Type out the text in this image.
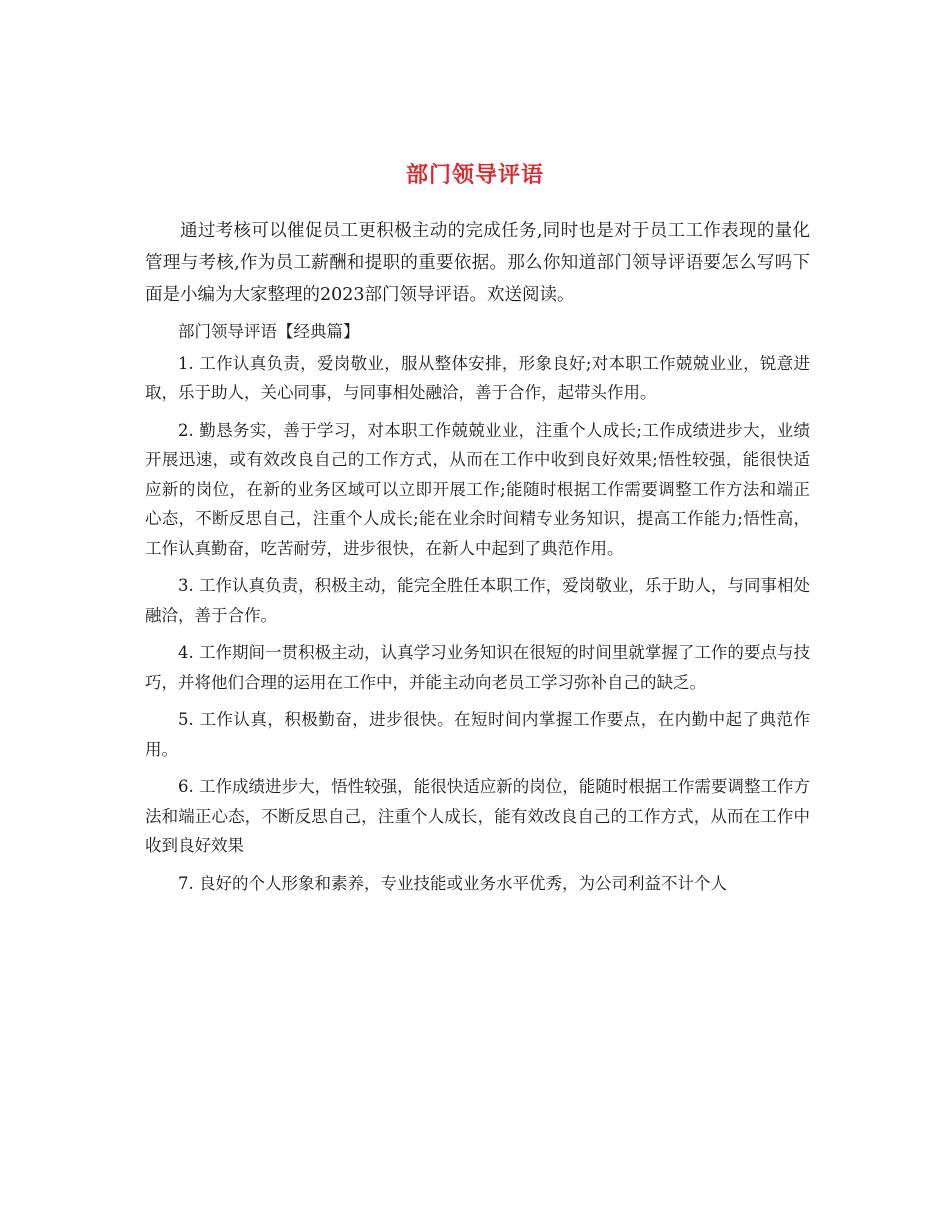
部门领导评语

通过考核可以催促员工更积极主动的完成任务,同时也是对于员工工作表现的量化管理与考核,作为员工薪酬和提职的重要依据。那么你知道部门领导评语要怎么写吗下面是小编为大家整理的2023部门领导评语。欢送阅读。

部门领导评语【经典篇】

1. 工作认真负责，爱岗敬业，服从整体安排，形象良好;对本职工作兢兢业业，锐意进取，乐于助人，关心同事，与同事相处融洽，善于合作，起带头作用。

2. 勤恳务实，善于学习，对本职工作兢兢业业，注重个人成长;工作成绩进步大，业绩开展迅速，或有效改良自己的工作方式，从而在工作中收到良好效果;悟性较强，能很快适应新的岗位，在新的业务区域可以立即开展工作;能随时根据工作需要调整工作方法和端正心态，不断反思自己，注重个人成长;能在业余时间精专业务知识，提高工作能力;悟性高，工作认真勤奋，吃苦耐劳，进步很快，在新人中起到了典范作用。

3. 工作认真负责，积极主动，能完全胜任本职工作，爱岗敬业，乐于助人，与同事相处融洽，善于合作。

4. 工作期间一贯积极主动，认真学习业务知识在很短的时间里就掌握了工作的要点与技巧，并将他们合理的运用在工作中，并能主动向老员工学习弥补自己的缺乏。

5. 工作认真，积极勤奋，进步很快。在短时间内掌握工作要点，在内勤中起了典范作用。

6. 工作成绩进步大，悟性较强，能很快适应新的岗位，能随时根据工作需要调整工作方法和端正心态，不断反思自己，注重个人成长，能有效改良自己的工作方式，从而在工作中收到良好效果

7. 良好的个人形象和素养，专业技能或业务水平优秀，为公司利益不计个人
